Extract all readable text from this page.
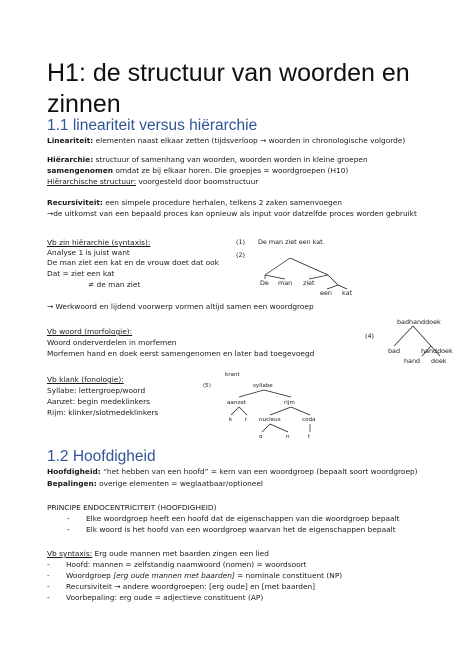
H1: de structuur van woorden en
zinnen
1.1 lineariteit versus hiërarchie
Lineariteit: elementen naast elkaar zetten (tijdsverloop → woorden in chronologische volgorde)
Hiërarchie: structuur of samenhang van woorden, woorden worden in kleine groepen
samengenomen omdat ze bij elkaar horen. Die groepjes = woordgroepen (H10)
Hiërarchische structuur: voorgesteld door boomstructuur
Recursiviteit: een simpele procedure herhalen, telkens 2 zaken samenvoegen
→de uitkomst van een bepaald proces kan opnieuw als input voor datzelfde proces worden gebruikt
Vb zin hiërarchie (syntaxis):
Analyse 1 is juist want
De man ziet een kat en de vrouw doet dat ook
Dat = ziet een kat
≠ de man ziet
→ Werkwoord en lijdend voorwerp vormen altijd samen een woordgroep
Vb woord (morfologie):
Woord onderverdelen in morfemen
Morfemen hand en doek eerst samengenomen en later bad toegevoegd
Vb klank (fonologie):
Syllabe: lettergroep/woord
Aanzet: begin medeklinkers
Rijm: klinker/slotmedeklinkers
(1) De man ziet een kat.
(2)
De man ziet
een kat
(4)
badhanddoek
bad	handdoek
hand doek
krant
(5)	syllabe
aanzet	rijm
k r nucleus	coda
ɑ	n	t
1.2 Hoofdigheid
Hoofdigheid: “het hebben van een hoofd” = kern van een woordgroep (bepaalt soort woordgroep)
Bepalingen: overige elementen = weglaatbaar/optioneel
PRINCIPE ENDOCENTRICITEIT (HOOFDIGHEID)
- Elke woordgroep heeft een hoofd dat de eigenschappen van die woordgroep bepaalt
- Elk woord is het hoofd van een woordgroep waarvan het de eigenschappen bepaalt
Vb syntaxis: Erg oude mannen met baarden zingen een lied
- Hoofd: mannen = zelfstandig naamwoord (nomen) = woordsoort
- Woordgroep [erg oude mannen met baarden] = nominale constituent (NP)
- Recursiviteit → andere woordgroepen: [erg oude] en [met baarden]
- Voorbepaling: erg oude = adjectieve constituent (AP)
